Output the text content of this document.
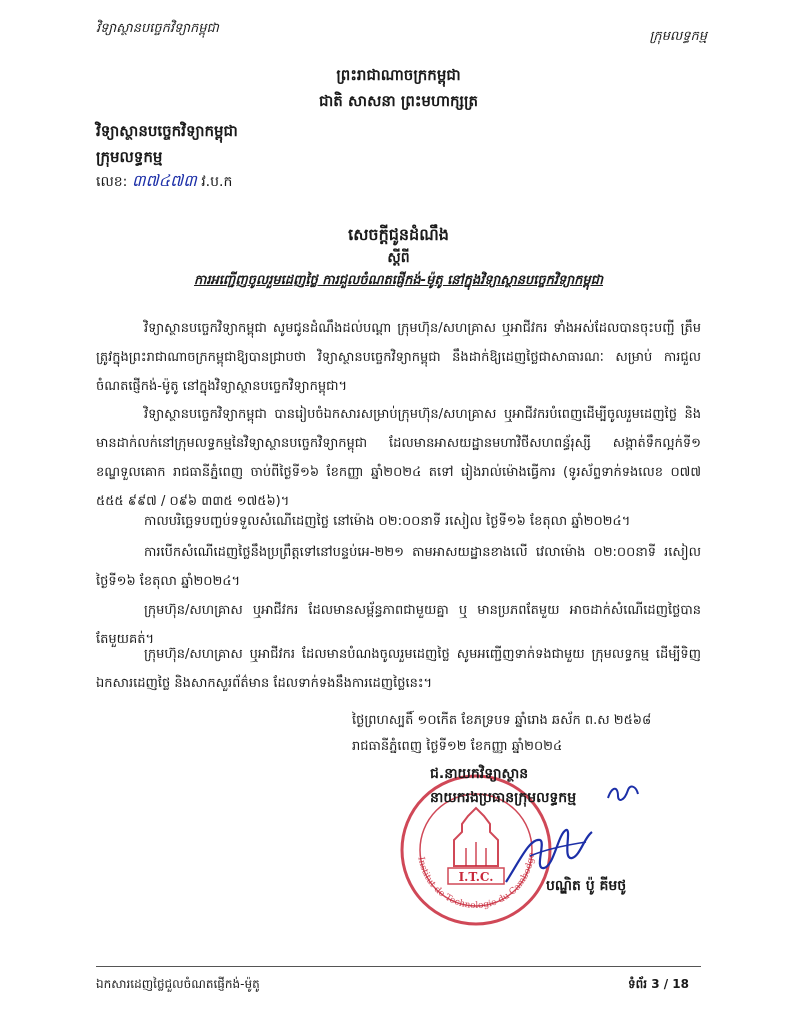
វិទ្យាស្ថានបច្ចេកវិទ្យាកម្ពុជា
ក្រុមលទ្ធកម្ម
ព្រះរាជាណាចក្រកម្ពុជា
ជាតិ សាសនា ព្រះមហាក្សត្រ
វិទ្យាស្ថានបច្ចេកវិទ្យាកម្ពុជា
ក្រុមលទ្ធកម្ម
លេខ: ៣៧៤៧៣ វ.ប.ក
សេចក្តីជូនដំណឹង
ស្តីពី
ការអញ្ជើញចូលរួមដេញថ្លៃ ការជួលចំណតផ្ញើកង់-ម៉ូតូ នៅក្នុងវិទ្យាស្ថានបច្ចេកវិទ្យាកម្ពុជា

វិទ្យាស្ថានបច្ចេកវិទ្យាកម្ពុជា សូមជូនដំណឹងដល់បណ្ដា ក្រុមហ៊ុន/សហគ្រាស ឬអាជីវករ ទាំងអស់ដែលបានចុះបញ្ជី ត្រឹមត្រូវក្នុងព្រះរាជាណាចក្រកម្ពុជាឱ្យបានជ្រាបថា វិទ្យាស្ថានបច្ចេកវិទ្យាកម្ពុជា នឹងដាក់ឱ្យដេញថ្លៃជាសាធារណៈ សម្រាប់ ការជួលចំណតផ្ញើកង់-ម៉ូតូ នៅក្នុងវិទ្យាស្ថានបច្ចេកវិទ្យាកម្ពុជា។

វិទ្យាស្ថានបច្ចេកវិទ្យាកម្ពុជា បានរៀបចំឯកសារសម្រាប់ក្រុមហ៊ុន/សហគ្រាស ឬអាជីវករបំពេញដើម្បីចូលរួមដេញថ្លៃ និងមានដាក់លក់នៅក្រុមលទ្ធកម្មនៃវិទ្យាស្ថានបច្ចេកវិទ្យាកម្ពុជា ដែលមានអាសយដ្ឋានមហាវិថីសហពន្ធ័រុស្សី សង្កាត់ទឹកល្អក់ទី១ ខណ្ឌទួលគោក រាជធានីភ្នំពេញ ចាប់ពីថ្ងៃទី១៦ ខែកញ្ញា ឆ្នាំ២០២៤ តទៅ រៀងរាល់ម៉ោងធ្វើការ (ទូរស័ព្ទទាក់ទងលេខ ០៧៧ ៥៥៥ ៩៩៧ / ០៩៦ ៣៣៥ ១៧៥៦)។

កាលបរិច្ឆេទបញ្ចប់ទទួលសំណើដេញថ្លៃ នៅម៉ោង ០២:០០នាទី រសៀល ថ្ងៃទី១៦ ខែតុលា ឆ្នាំ២០២៤។

ការបើកសំណើដេញថ្លៃនឹងប្រព្រឹត្តទៅនៅបន្ទប់អេ-២២១ តាមអាសយដ្ឋានខាងលើ វេលាម៉ោង ០២:០០នាទី រសៀល ថ្ងៃទី១៦ ខែតុលា ឆ្នាំ២០២៤។

ក្រុមហ៊ុន/សហគ្រាស ឬអាជីវករ ដែលមានសម្ព័ន្ធភាពជាមួយគ្នា ឬ មានប្រភពតែមួយ អាចដាក់សំណើដេញថ្លៃបានតែមួយគត់។

ក្រុមហ៊ុន/សហគ្រាស ឬអាជីវករ ដែលមានបំណងចូលរួមដេញថ្លៃ សូមអញ្ជើញទាក់ទងជាមួយ ក្រុមលទ្ធកម្ម ដើម្បីទិញឯកសារដេញថ្លៃ និងសាកសួរព័ត៌មាន ដែលទាក់ទងនឹងការដេញថ្លៃនេះ។

ថ្ងៃព្រហស្បតិ៍ ១០កើត ខែភទ្របទ ឆ្នាំរោង ឆស័ក ព.ស ២៥៦៨
រាជធានីភ្នំពេញ ថ្ងៃទី១២ ខែកញ្ញា ឆ្នាំ២០២៤
I.T.C.
Institut de Technologie du Cambodge
ជ.នាយកវិទ្យាស្ថាន
នាយករងប្រធានក្រុមលទ្ធកម្ម
បណ្ឌិត ប៉ូ គីមថូ
ឯកសារដេញថ្លៃជួលចំណតផ្ញើកង់-ម៉ូតូ	ទំព័រ 3 / 18
